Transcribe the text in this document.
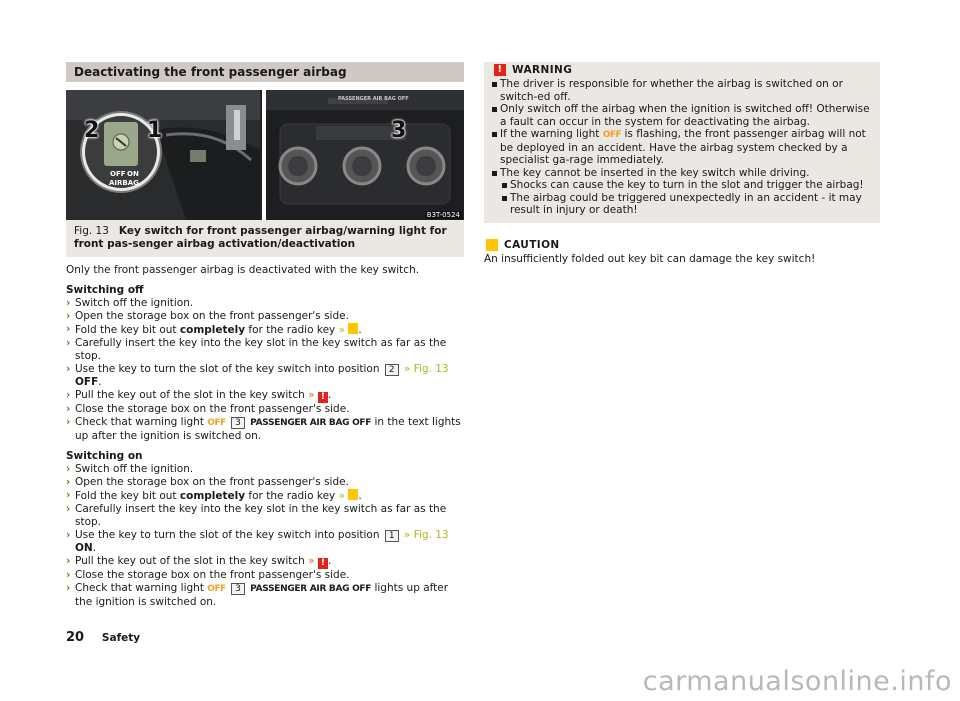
Deactivating the front passenger airbag
2 1	3
OFF ON
AIRBAG
PASSENGER AIR BAG OFF
B3T-0524
Fig. 13 Key switch for front passenger airbag/warning light for front pas-senger airbag activation/deactivation
Only the front passenger airbag is deactivated with the key switch.
Switching off
› Switch off the ignition.
› Open the storage box on the front passenger's side.
› Fold the key bit out completely for the radio key » .
› Carefully insert the key into the key slot in the key switch as far as the stop.
› Use the key to turn the slot of the key switch into position 2 » Fig. 13 OFF.
› Pull the key out of the slot in the key switch » ! .
› Close the storage box on the front passenger's side.
› Check that warning light OFF 3 PASSENGER AIR BAG OFF in the text lights up after the ignition is switched on.
Switching on
› Switch off the ignition.
› Open the storage box on the front passenger's side.
› Fold the key bit out completely for the radio key » .
› Carefully insert the key into the key slot in the key switch as far as the stop.
› Use the key to turn the slot of the key switch into position 1 » Fig. 13 ON.
› Pull the key out of the slot in the key switch » ! .
› Close the storage box on the front passenger's side.
› Check that warning light OFF 3 PASSENGER AIR BAG OFF lights up after the ignition is switched on.
! WARNING
The driver is responsible for whether the airbag is switched on or switch-ed off.
Only switch off the airbag when the ignition is switched off! Otherwise a fault can occur in the system for deactivating the airbag.
If the warning light OFF is flashing, the front passenger airbag will not be deployed in an accident. Have the airbag system checked by a specialist ga-rage immediately.
The key cannot be inserted in the key switch while driving.
Shocks can cause the key to turn in the slot and trigger the airbag!
The airbag could be triggered unexpectedly in an accident - it may result in injury or death!
CAUTION
An insufficiently folded out key bit can damage the key switch!
20 Safety
carmanualsonline.info
